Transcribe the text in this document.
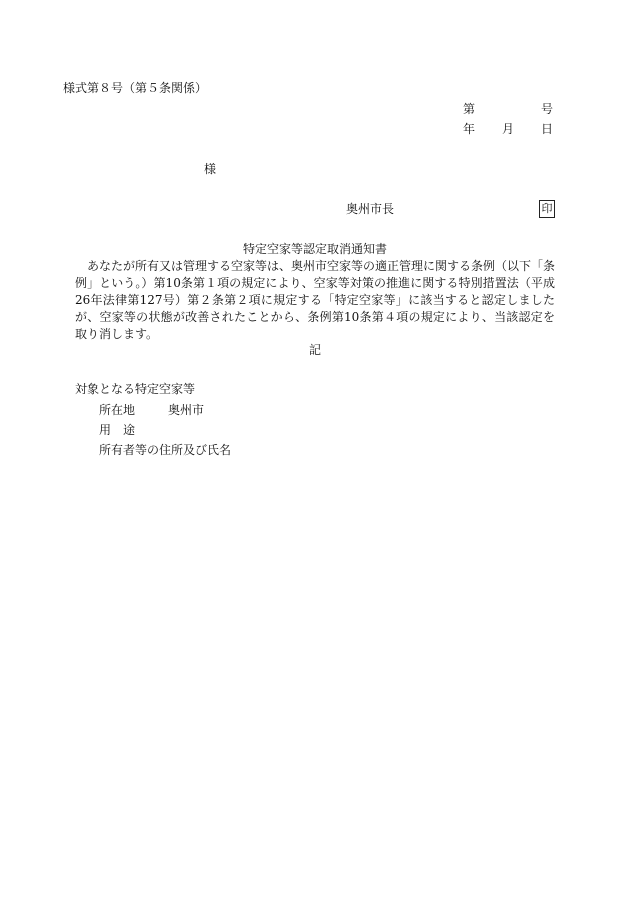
様式第８号（第５条関係）
第	号
年 月 日
様
奥州市長	印
特定空家等認定取消通知書
あなたが所有又は管理する空家等は、奥州市空家等の適正管理に関する条例（以下「条例」という。）第10条第１項の規定により、空家等対策の推進に関する特別措置法（平成26年法律第127号）第２条第２項に規定する「特定空家等」に該当すると認定しましたが、空家等の状態が改善されたことから、条例第10条第４項の規定により、当該認定を取り消します。
記
対象となる特定空家等
所在地	奥州市
用　途
所有者等の住所及び氏名
